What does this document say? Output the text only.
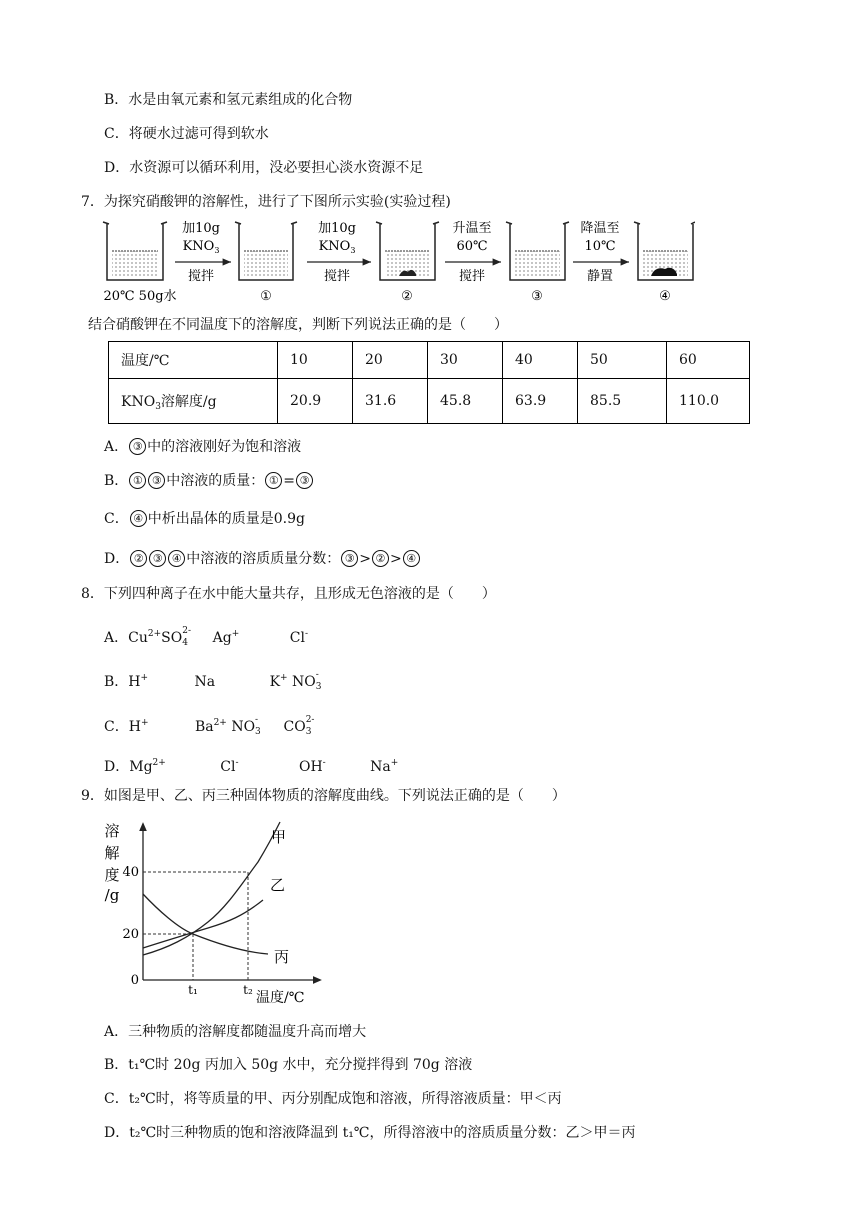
B．水是由氧元素和氢元素组成的化合物
C．将硬水过滤可得到软水
D．水资源可以循环利用，没必要担心淡水资源不足
7．为探究硝酸钾的溶解性，进行了下图所示实验(实验过程)
加10g
$KNO_3$
搅拌
加10g
$KNO_3$
搅拌
升温至
60℃
搅拌
降温至
10℃
静置
20℃ 50g水	①	②	③	④
结合硝酸钾在不同温度下的溶解度，判断下列说法正确的是（　　）
温度/℃	10	20	30	40	50	60
$KNO_3$溶解度/g	20.9	31.6	45.8	63.9	85.5	110.0
A． ③ 中的溶液刚好为饱和溶液
B． ① ③ 中溶液的质量： ① = ③
C． ④ 中析出晶体的质量是0.9g
D． ② ③ ④ 中溶液的溶质质量分数： ③ > ② > ④
8．下列四种离子在水中能大量共存，且形成无色溶液的是（　　）
A．$Cu^{2+}SO$ 2-
4 Ag+	Cl-
B．H+	Na	K+ NO -
3
C．H+	$Ba^{2+}$ NO -
3 CO 2-
3
D．$Mg^{2+}$	Cl-	OH-	Na+
9．如图是甲、乙、丙三种固体物质的溶解度曲线。下列说法正确的是（　　）
溶
解
度
/g
0
20
40
甲
乙
丙
t₁	t₂ 温度/℃
A．三种物质的溶解度都随温度升高而增大
B．t₁℃时 20g 丙加入 50g 水中，充分搅拌得到 70g 溶液
C．t₂℃时，将等质量的甲、丙分别配成饱和溶液，所得溶液质量：甲＜丙
D．t₂℃时三种物质的饱和溶液降温到 t₁℃，所得溶液中的溶质质量分数：乙＞甲＝丙
